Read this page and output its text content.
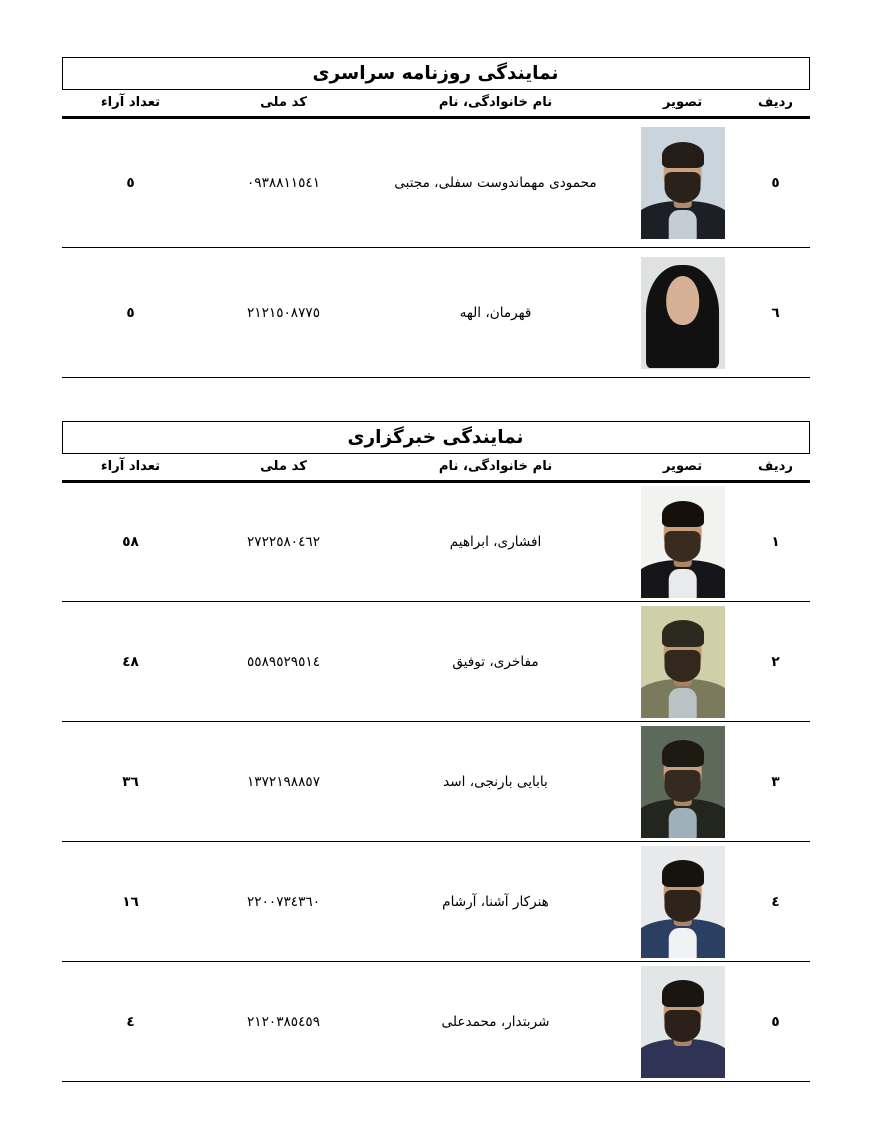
نمایندگی روزنامه سراسری
ردیف	تصویر	نام خانوادگی، نام	کد ملی	تعداد آراء
٥		محمودی مهماندوست سفلی، مجتبی	٠٩٣٨٨١١٥٤١	٥
٦		قهرمان، الهه	٢١٢١٥٠٨٧٧٥	٥
نمایندگی خبرگزاری
ردیف	تصویر	نام خانوادگی، نام	کد ملی	تعداد آراء
١		افشاری، ابراهیم	٢٧٢٢٥٨٠٤٦٢	٥٨
٢		مفاخری، توفیق	٥٥٨٩٥٢٩٥١٤	٤٨
٣		بابایی بارنجی، اسد	١٣٧٢١٩٨٨٥٧	٣٦
٤		هنرکار آشنا، آرشام	٢٢٠٠٧٣٤٣٦٠	١٦
٥		شربتدار، محمدعلی	٢١٢٠٣٨٥٤٥٩	٤
